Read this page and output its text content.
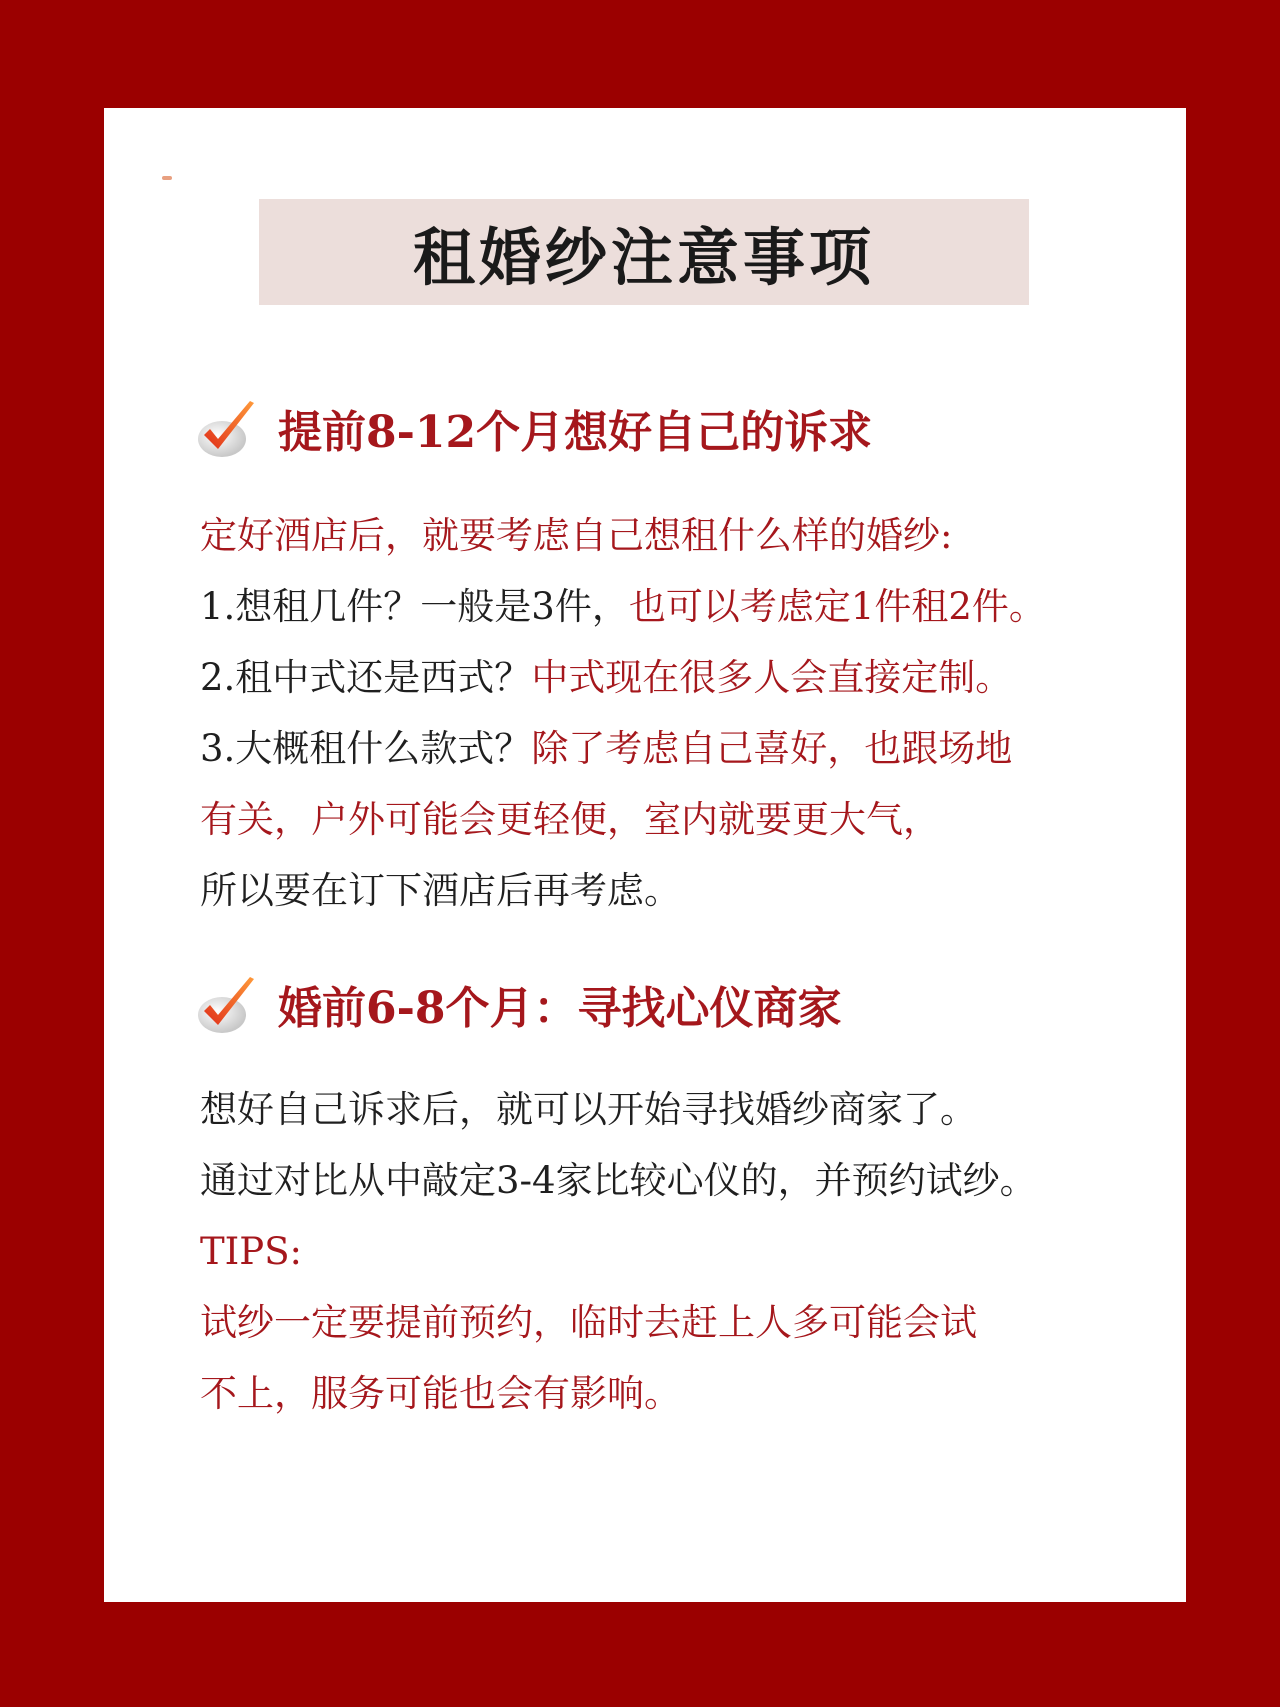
租婚纱注意事项
提前8-12个月想好自己的诉求
定好酒店后，就要考虑自己想租什么样的婚纱:
1.想租几件？一般是3件，也可以考虑定1件租2件。
2.租中式还是西式？中式现在很多人会直接定制。
3.大概租什么款式？除了考虑自己喜好，也跟场地
有关，户外可能会更轻便，室内就要更大气，
所以要在订下酒店后再考虑。
婚前6-8个月：寻找心仪商家
想好自己诉求后，就可以开始寻找婚纱商家了。
通过对比从中敲定3-4家比较心仪的，并预约试纱。
TIPS:
试纱一定要提前预约，临时去赶上人多可能会试
不上，服务可能也会有影响。
